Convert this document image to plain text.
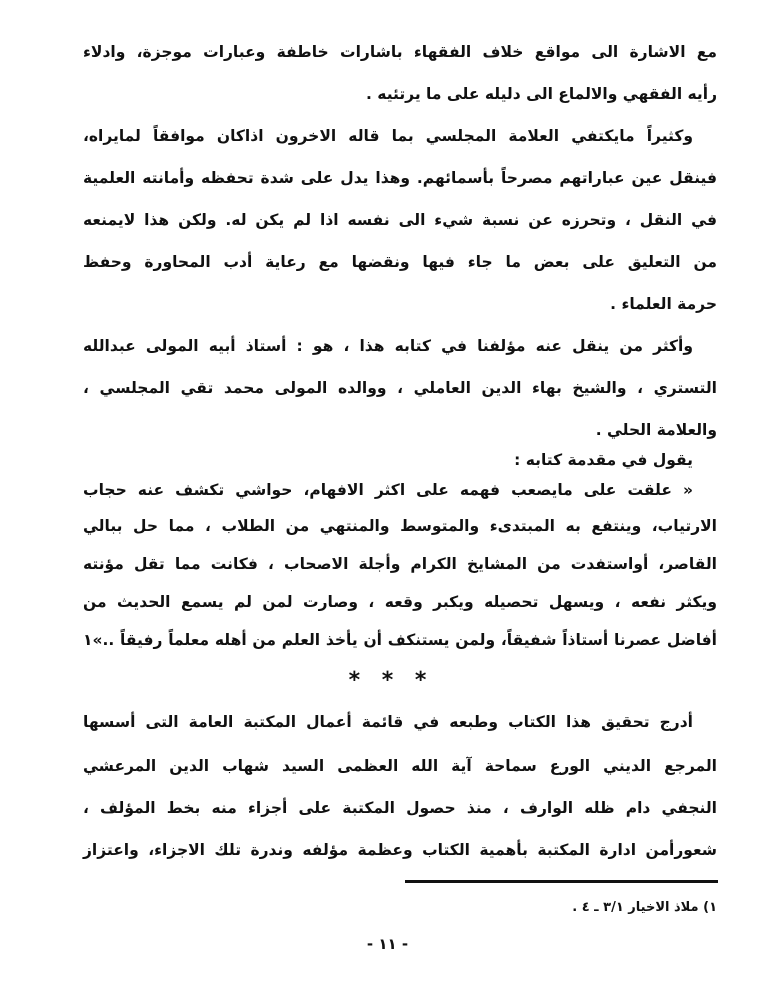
مع الاشارة الى مواقع خلاف الفقهاء باشارات خاطفة وعبارات موجزة، وادلاء
رأيه الفقهي والالماع الى دليله على ما يرتئيه .
وكثيراً مايكتفي العلامة المجلسي بما قاله الاخرون اذاكان موافقاً لمايراه،
فينقل عين عباراتهم مصرحاً بأسمائهم. وهذا يدل على شدة تحفظه وأمانته العلمية
في النقل ، وتحرزه عن نسبة شيء الى نفسه اذا لم يكن له. ولكن هذا لايمنعه
من التعليق على بعض ما جاء فيها ونقضها مع رعاية أدب المحاورة وحفظ
حرمة العلماء .
وأكثر من ينقل عنه مؤلفنا في كتابه هذا ، هو : أستاذ أبيه المولى عبدالله
التستري ، والشيخ بهاء الدين العاملي ، ووالده المولى محمد تقي المجلسي ،
والعلامة الحلي .
يقول في مقدمة كتابه :
« علقت على مايصعب فهمه على اكثر الافهام، حواشي تكشف عنه حجاب
الارتياب، وينتفع به المبتدىء والمتوسط والمنتهي من الطلاب ، مما حل ببالي
القاصر، أواستفدت من المشايخ الكرام وأجلة الاصحاب ، فكانت مما تقل مؤنته
ويكثر نفعه ، ويسهل تحصيله ويكبر وقعه ، وصارت لمن لم يسمع الحديث من
أفاضل عصرنا أستاذاً شفيقاً، ولمن يستنكف أن يأخذ العلم من أهله معلماً رفيقاً ..»١
* * *
أدرج تحقيق هذا الكتاب وطبعه في قائمة أعمال المكتبة العامة التى أسسها
المرجع الديني الورع سماحة آية الله العظمى السيد شهاب الدين المرعشي
النجفي دام ظله الوارف ، منذ حصول المكتبة على أجزاء منه بخط المؤلف ،
شعورأمن ادارة المكتبة بأهمية الكتاب وعظمة مؤلفه وندرة تلك الاجزاء، واعتزاز
١) ملاذ الاخيار ٣/١ ـ ٤ .
- ١١ -
